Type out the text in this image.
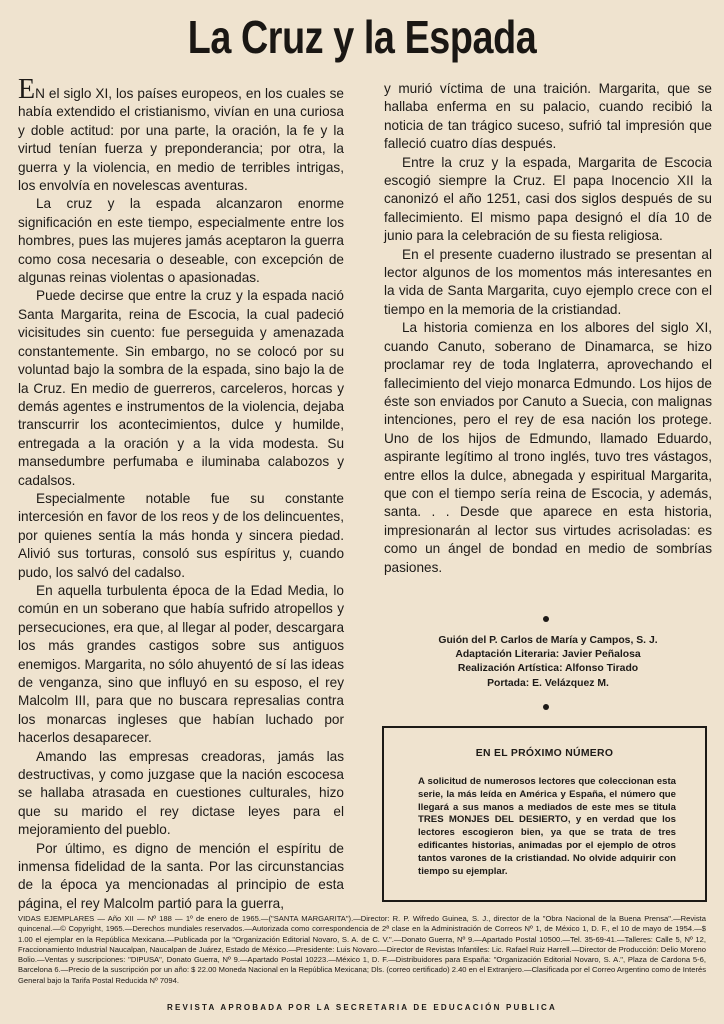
La Cruz y la Espada

EN el siglo XI, los países europeos, en los cuales se había extendido el cristianismo, vivían en una curiosa y doble actitud: por una parte, la oración, la fe y la virtud tenían fuerza y preponderancia; por otra, la guerra y la violencia, en medio de terribles intrigas, los envolvía en novelescas aventuras.

La cruz y la espada alcanzaron enorme significación en este tiempo, especialmente entre los hombres, pues las mujeres jamás aceptaron la guerra como cosa necesaria o deseable, con excepción de algunas reinas violentas o apasionadas.

Puede decirse que entre la cruz y la espada nació Santa Margarita, reina de Escocia, la cual padeció vicisitudes sin cuento: fue perseguida y amenazada constantemente. Sin embargo, no se colocó por su voluntad bajo la sombra de la espada, sino bajo la de la Cruz. En medio de guerreros, carceleros, horcas y demás agentes e instrumentos de la violencia, dejaba transcurrir los acontecimientos, dulce y humilde, entregada a la oración y a la vida modesta. Su mansedumbre perfumaba e iluminaba calabozos y cadalsos.

Especialmente notable fue su constante intercesión en favor de los reos y de los delincuentes, por quienes sentía la más honda y sincera piedad. Alivió sus torturas, consoló sus espíritus y, cuando pudo, los salvó del cadalso.

En aquella turbulenta época de la Edad Media, lo común en un soberano que había sufrido atropellos y persecuciones, era que, al llegar al poder, descargara los más grandes castigos sobre sus antiguos enemigos. Margarita, no sólo ahuyentó de sí las ideas de venganza, sino que influyó en su esposo, el rey Malcolm III, para que no buscara represalias contra los monarcas ingleses que habían luchado por hacerlos desaparecer.

Amando las empresas creadoras, jamás las destructivas, y como juzgase que la nación escocesa se hallaba atrasada en cuestiones culturales, hizo que su marido el rey dictase leyes para el mejoramiento del pueblo.

Por último, es digno de mención el espíritu de inmensa fidelidad de la santa. Por las circunstancias de la época ya mencionadas al principio de esta página, el rey Malcolm partió para la guerra,

y murió víctima de una traición. Margarita, que se hallaba enferma en su palacio, cuando recibió la noticia de tan trágico suceso, sufrió tal impresión que falleció cuatro días después.

Entre la cruz y la espada, Margarita de Escocia escogió siempre la Cruz. El papa Inocencio XII la canonizó el año 1251, casi dos siglos después de su fallecimiento. El mismo papa designó el día 10 de junio para la celebración de su fiesta religiosa.

En el presente cuaderno ilustrado se presentan al lector algunos de los momentos más interesantes en la vida de Santa Margarita, cuyo ejemplo crece con el tiempo en la memoria de la cristiandad.

La historia comienza en los albores del siglo XI, cuando Canuto, soberano de Dinamarca, se hizo proclamar rey de toda Inglaterra, aprovechando el fallecimiento del viejo monarca Edmundo. Los hijos de éste son enviados por Canuto a Suecia, con malignas intenciones, pero el rey de esa nación los protege. Uno de los hijos de Edmundo, llamado Eduardo, aspirante legítimo al trono inglés, tuvo tres vástagos, entre ellos la dulce, abnegada y espiritual Margarita, que con el tiempo sería reina de Escocia, y además, santa. . . Desde que aparece en esta historia, impresionarán al lector sus virtudes acrisoladas: es como un ángel de bondad en medio de sombrías pasiones.

Guión del P. Carlos de María y Campos, S. J.
Adaptación Literaria: Javier Peñalosa
Realización Artística: Alfonso Tirado
Portada: E. Velázquez M.
EN EL PRÓXIMO NÚMERO
A solicitud de numerosos lectores que coleccionan esta serie, la más leída en América y España, el número que llegará a sus manos a mediados de este mes se titula TRES MONJES DEL DESIERTO, y en verdad que los lectores escogieron bien, ya que se trata de tres edificantes historias, animadas por el ejemplo de otros tantos varones de la cristiandad. No olvide adquirir con tiempo su ejemplar.
VIDAS EJEMPLARES — Año XII — Nº 188 — 1º de enero de 1965.—("SANTA MARGARITA").—Director: R. P. Wifredo Guinea, S. J., director de la "Obra Nacional de la Buena Prensa".—Revista quincenal.—© Copyright, 1965.—Derechos mundiales reservados.—Autorizada como correspondencia de 2ª clase en la Administración de Correos Nº 1, de México 1, D. F., el 10 de mayo de 1954.—$ 1.00 el ejemplar en la República Mexicana.—Publicada por la "Organización Editorial Novaro, S. A. de C. V.".—Donato Guerra, Nº 9.—Apartado Postal 10500.—Tel. 35-69-41.—Talleres: Calle 5, Nº 12, Fraccionamiento Industrial Naucalpan, Naucalpan de Juárez, Estado de México.—Presidente: Luis Novaro.—Director de Revistas Infantiles: Lic. Rafael Ruiz Harrell.—Director de Producción: Delio Moreno Bolio.—Ventas y suscripciones: "DIPUSA", Donato Guerra, Nº 9.—Apartado Postal 10223.—México 1, D. F.—Distribuidores para España: "Organización Editorial Novaro, S. A.", Plaza de Cardona 5-6, Barcelona 6.—Precio de la suscripción por un año: $ 22.00 Moneda Nacional en la República Mexicana; Dls. (correo certificado) 2.40 en el Extranjero.—Clasificada por el Correo Argentino como de Interés General bajo la Tarifa Postal Reducida Nº 7094.
REVISTA APROBADA POR LA SECRETARIA DE EDUCACIÓN PUBLICA
